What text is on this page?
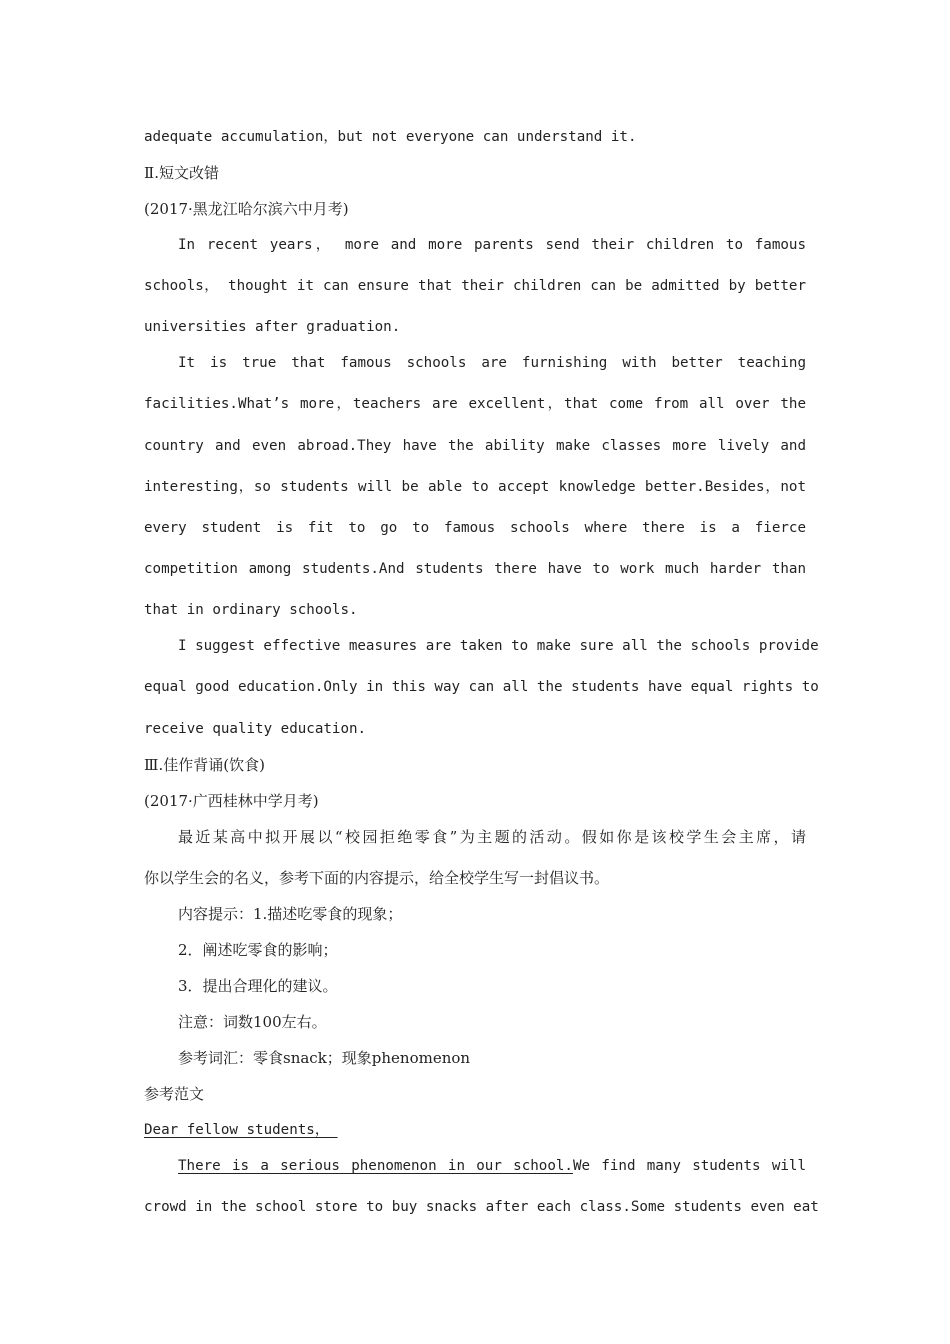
adequate accumulation，but not everyone can understand it.
Ⅱ.短文改错
(2017·黑龙江哈尔滨六中月考)
In recent years， more and more parents send their children to famous
schools， thought it can ensure that their children can be admitted by better
universities after graduation.
It is true that famous schools are furnishing with better teaching
facilities.What’s more，teachers are excellent，that come from all over the
country and even abroad.They have the ability make classes more lively and
interesting，so students will be able to accept knowledge better.Besides，not
every student is fit to go to famous schools where there is a fierce
competition among students.And students there have to work much harder than
that in ordinary schools.
I suggest effective measures are taken to make sure all the schools provide
equal good education.Only in this way can all the students have equal rights to
receive quality education.
Ⅲ.佳作背诵(饮食)
(2017·广西桂林中学月考)
最近某高中拟开展以“校园拒绝零食”为主题的活动。假如你是该校学生会主席，请
你以学生会的名义，参考下面的内容提示，给全校学生写一封倡议书。
内容提示：1.描述吃零食的现象；
2．阐述吃零食的影响；
3．提出合理化的建议。
注意：词数100左右。
参考词汇：零食snack；现象phenomenon
参考范文
Dear fellow students，
There is a serious phenomenon in our school.We find many students will
crowd in the school store to buy snacks after each class.Some students even eat
